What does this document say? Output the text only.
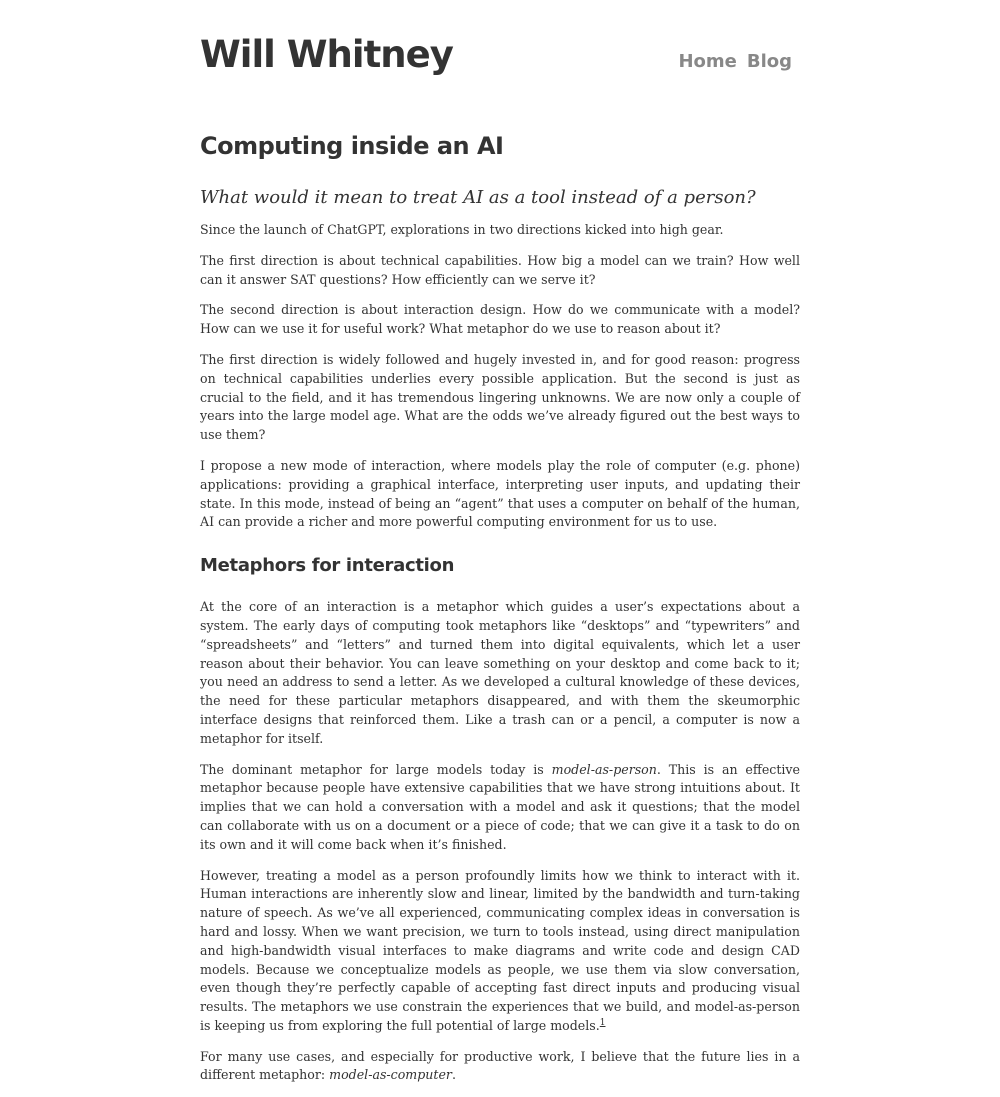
Will Whitney	Home Blog
Computing inside an AI
What would it mean to treat AI as a tool instead of a person?

Since the launch of ChatGPT, explorations in two directions kicked into high gear.

The first direction is about technical capabilities. How big a model can we train? How well can it answer SAT questions? How efficiently can we serve it?

The second direction is about interaction design. How do we communicate with a model? How can we use it for useful work? What metaphor do we use to reason about it?

The first direction is widely followed and hugely invested in, and for good reason: progress on technical capabilities underlies every possible application. But the second is just as crucial to the field, and it has tremendous lingering unknowns. We are now only a couple of years into the large model age. What are the odds we’ve already figured out the best ways to use them?

I propose a new mode of interaction, where models play the role of computer (e.g. phone) applications: providing a graphical interface, interpreting user inputs, and updating their state. In this mode, instead of being an “agent” that uses a computer on behalf of the human, AI can provide a richer and more powerful computing environment for us to use.

Metaphors for interaction

At the core of an interaction is a metaphor which guides a user’s expectations about a system. The early days of computing took metaphors like “desktops” and “typewriters” and “spreadsheets” and “letters” and turned them into digital equivalents, which let a user reason about their behavior. You can leave something on your desktop and come back to it; you need an address to send a letter. As we developed a cultural knowledge of these devices, the need for these particular metaphors disappeared, and with them the skeumorphic interface designs that reinforced them. Like a trash can or a pencil, a computer is now a metaphor for itself.

The dominant metaphor for large models today is model-as-person. This is an effective metaphor because people have extensive capabilities that we have strong intuitions about. It implies that we can hold a conversation with a model and ask it questions; that the model can collaborate with us on a document or a piece of code; that we can give it a task to do on its own and it will come back when it’s finished.

However, treating a model as a person profoundly limits how we think to interact with it. Human interactions are inherently slow and linear, limited by the bandwidth and turn-taking nature of speech. As we’ve all experienced, communicating complex ideas in conversation is hard and lossy. When we want precision, we turn to tools instead, using direct manipulation and high-bandwidth visual interfaces to make diagrams and write code and design CAD models. Because we conceptualize models as people, we use them via slow conversation, even though they’re perfectly capable of accepting fast direct inputs and producing visual results. The metaphors we use constrain the experiences that we build, and model-as-person is keeping us from exploring the full potential of large models.$^1$

For many use cases, and especially for productive work, I believe that the future lies in a different metaphor: model-as-computer.
